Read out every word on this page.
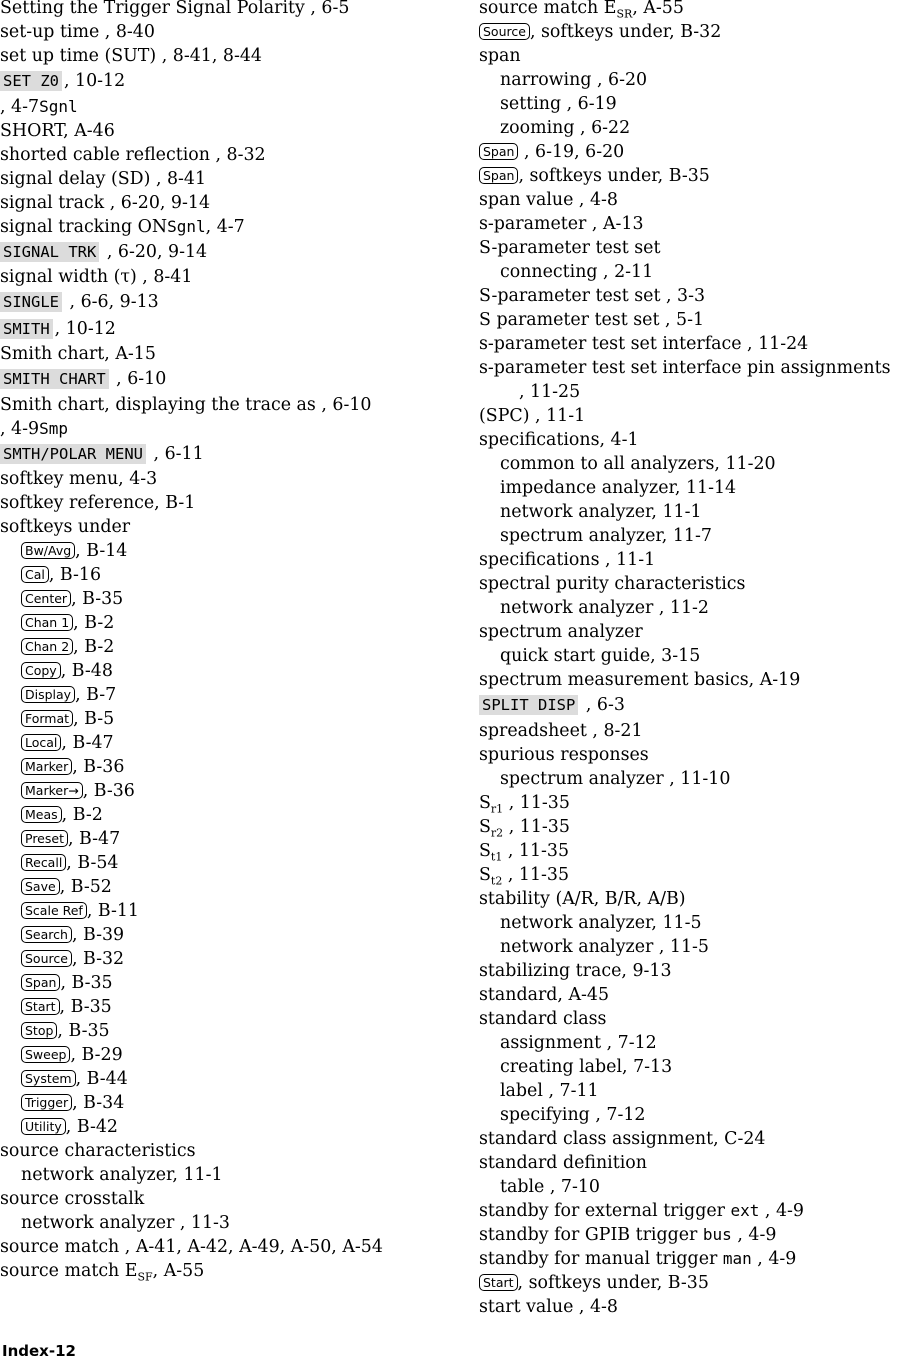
Setting the Trigger Signal Polarity , 6-5
set-up time , 8-40
set up time (SUT) , 8-41, 8-44
SET Z0 , 10-12
, 4-7Sgnl
SHORT, A-46
shorted cable reflection , 8-32
signal delay (SD) , 8-41
signal track , 6-20, 9-14
signal tracking ONSgnl, 4-7
SIGNAL TRK , 6-20, 9-14
signal width (τ) , 8-41
SINGLE , 6-6, 9-13
SMITH , 10-12
Smith chart, A-15
SMITH CHART , 6-10
Smith chart, displaying the trace as , 6-10
, 4-9Smp
SMTH/POLAR MENU , 6-11
softkey menu, 4-3
softkey reference, B-1
softkeys under
Bw/Avg , B-14
Cal , B-16
Center , B-35
Chan 1 , B-2
Chan 2 , B-2
Copy , B-48
Display , B-7
Format , B-5
Local , B-47
Marker , B-36
Marker→ , B-36
Meas , B-2
Preset , B-47
Recall , B-54
Save , B-52
Scale Ref , B-11
Search , B-39
Source , B-32
Span , B-35
Start , B-35
Stop , B-35
Sweep , B-29
System , B-44
Trigger , B-34
Utility , B-42
source characteristics
network analyzer, 11-1
source crosstalk
network analyzer , 11-3
source match , A-41, A-42, A-49, A-50, A-54
source match $E_{SF}$, A-55
source match $E_{SR}$, A-55
Source , softkeys under, B-32
span
narrowing , 6-20
setting , 6-19
zooming , 6-22
Span , 6-19, 6-20
Span , softkeys under, B-35
span value , 4-8
s-parameter , A-13
S-parameter test set
connecting , 2-11
S-parameter test set , 3-3
S parameter test set , 5-1
s-parameter test set interface , 11-24
s-parameter test set interface pin assignments
, 11-25
(SPC) , 11-1
specifications, 4-1
common to all analyzers, 11-20
impedance analyzer, 11-14
network analyzer, 11-1
spectrum analyzer, 11-7
specifications , 11-1
spectral purity characteristics
network analyzer , 11-2
spectrum analyzer
quick start guide, 3-15
spectrum measurement basics, A-19
SPLIT DISP , 6-3
spreadsheet , 8-21
spurious responses
spectrum analyzer , 11-10
$S_{r1}$ , 11-35
$S_{r2}$ , 11-35
$S_{t1}$ , 11-35
$S_{t2}$ , 11-35
stability (A/R, B/R, A/B)
network analyzer, 11-5
network analyzer , 11-5
stabilizing trace, 9-13
standard, A-45
standard class
assignment , 7-12
creating label, 7-13
label , 7-11
specifying , 7-12
standard class assignment, C-24
standard definition
table , 7-10
standby for external trigger ext , 4-9
standby for GPIB trigger bus , 4-9
standby for manual trigger man , 4-9
Start , softkeys under, B-35
start value , 4-8
Index-12
